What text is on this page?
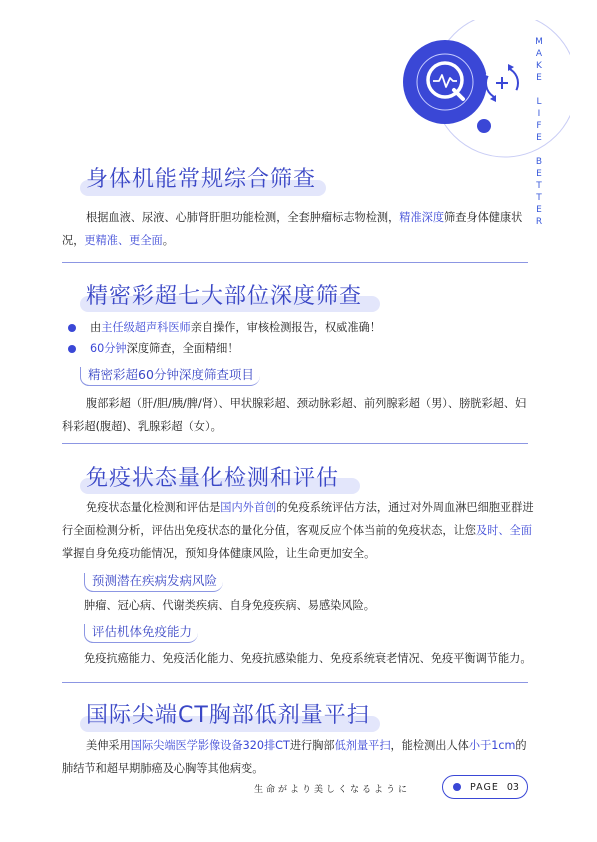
M
A
K
E

L
I
F
E

B
E
T
T
E
R
身体机能常规综合筛查

根据血液、尿液、心肺肾肝胆功能检测，全套肿瘤标志物检测，精准深度筛查身体健康状况，更精准、更全面。

精密彩超七大部位深度筛查
由主任级超声科医师亲自操作，审核检测报告，权威准确！
60分钟深度筛查，全面精细！
精密彩超60分钟深度筛查项目

腹部彩超（肝/胆/胰/脾/肾）、甲状腺彩超、颈动脉彩超、前列腺彩超（男）、膀胱彩超、妇科彩超(腹超)、乳腺彩超（女）。

免疫状态量化检测和评估

免疫状态量化检测和评估是国内外首创的免疫系统评估方法，通过对外周血淋巴细胞亚群进行全面检测分析，评估出免疫状态的量化分值，客观反应个体当前的免疫状态，让您及时、全面掌握自身免疫功能情况，预知身体健康风险，让生命更加安全。

预测潜在疾病发病风险

肿瘤、冠心病、代谢类疾病、自身免疫疾病、易感染风险。

评估机体免疫能力

免疫抗癌能力、免疫活化能力、免疫抗感染能力、免疫系统衰老情况、免疫平衡调节能力。

国际尖端CT胸部低剂量平扫

美伸采用国际尖端医学影像设备320排CT进行胸部低剂量平扫，能检测出人体小于1cm的肺结节和超早期肺癌及心胸等其他病变。

生命がより美しくなるように	PAGE 03
